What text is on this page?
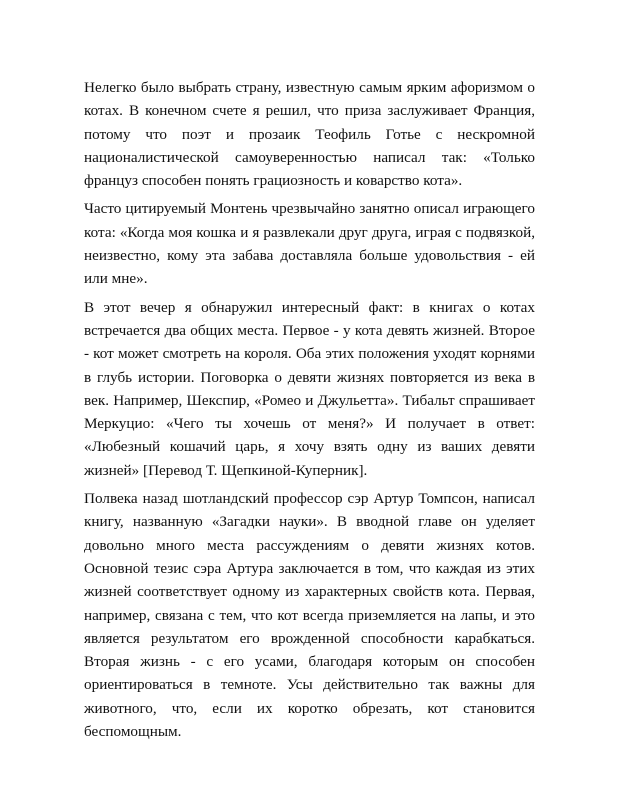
Нелегко было выбрать страну, известную самым ярким афоризмом о котах. В конечном счете я решил, что приза заслуживает Франция, потому что поэт и прозаик Теофиль Готье с нескромной националистической самоуверенностью написал так: «Только француз способен понять грациозность и коварство кота».

Часто цитируемый Монтень чрезвычайно занятно описал играющего кота: «Когда моя кошка и я развлекали друг друга, играя с подвязкой, неизвестно, кому эта забава доставляла больше удовольствия - ей или мне».

В этот вечер я обнаружил интересный факт: в книгах о котах встречается два общих места. Первое - у кота девять жизней. Второе - кот может смотреть на короля. Оба этих положения уходят корнями в глубь истории. Поговорка о девяти жизнях повторяется из века в век. Например, Шекспир, «Ромео и Джульетта». Тибальт спрашивает Меркуцио: «Чего ты хочешь от меня?» И получает в ответ: «Любезный кошачий царь, я хочу взять одну из ваших девяти жизней» [Перевод Т. Щепкиной-Куперник].

Полвека назад шотландский профессор сэр Артур Томпсон, написал книгу, названную «Загадки науки». В вводной главе он уделяет довольно много места рассуждениям о девяти жизнях котов. Основной тезис сэра Артура заключается в том, что каждая из этих жизней соответствует одному из характерных свойств кота. Первая, например, связана с тем, что кот всегда приземляется на лапы, и это является результатом его врожденной способности карабкаться. Вторая жизнь - с его усами, благодаря которым он способен ориентироваться в темноте. Усы действительно так важны для животного, что, если их коротко обрезать, кот становится беспомощным.
